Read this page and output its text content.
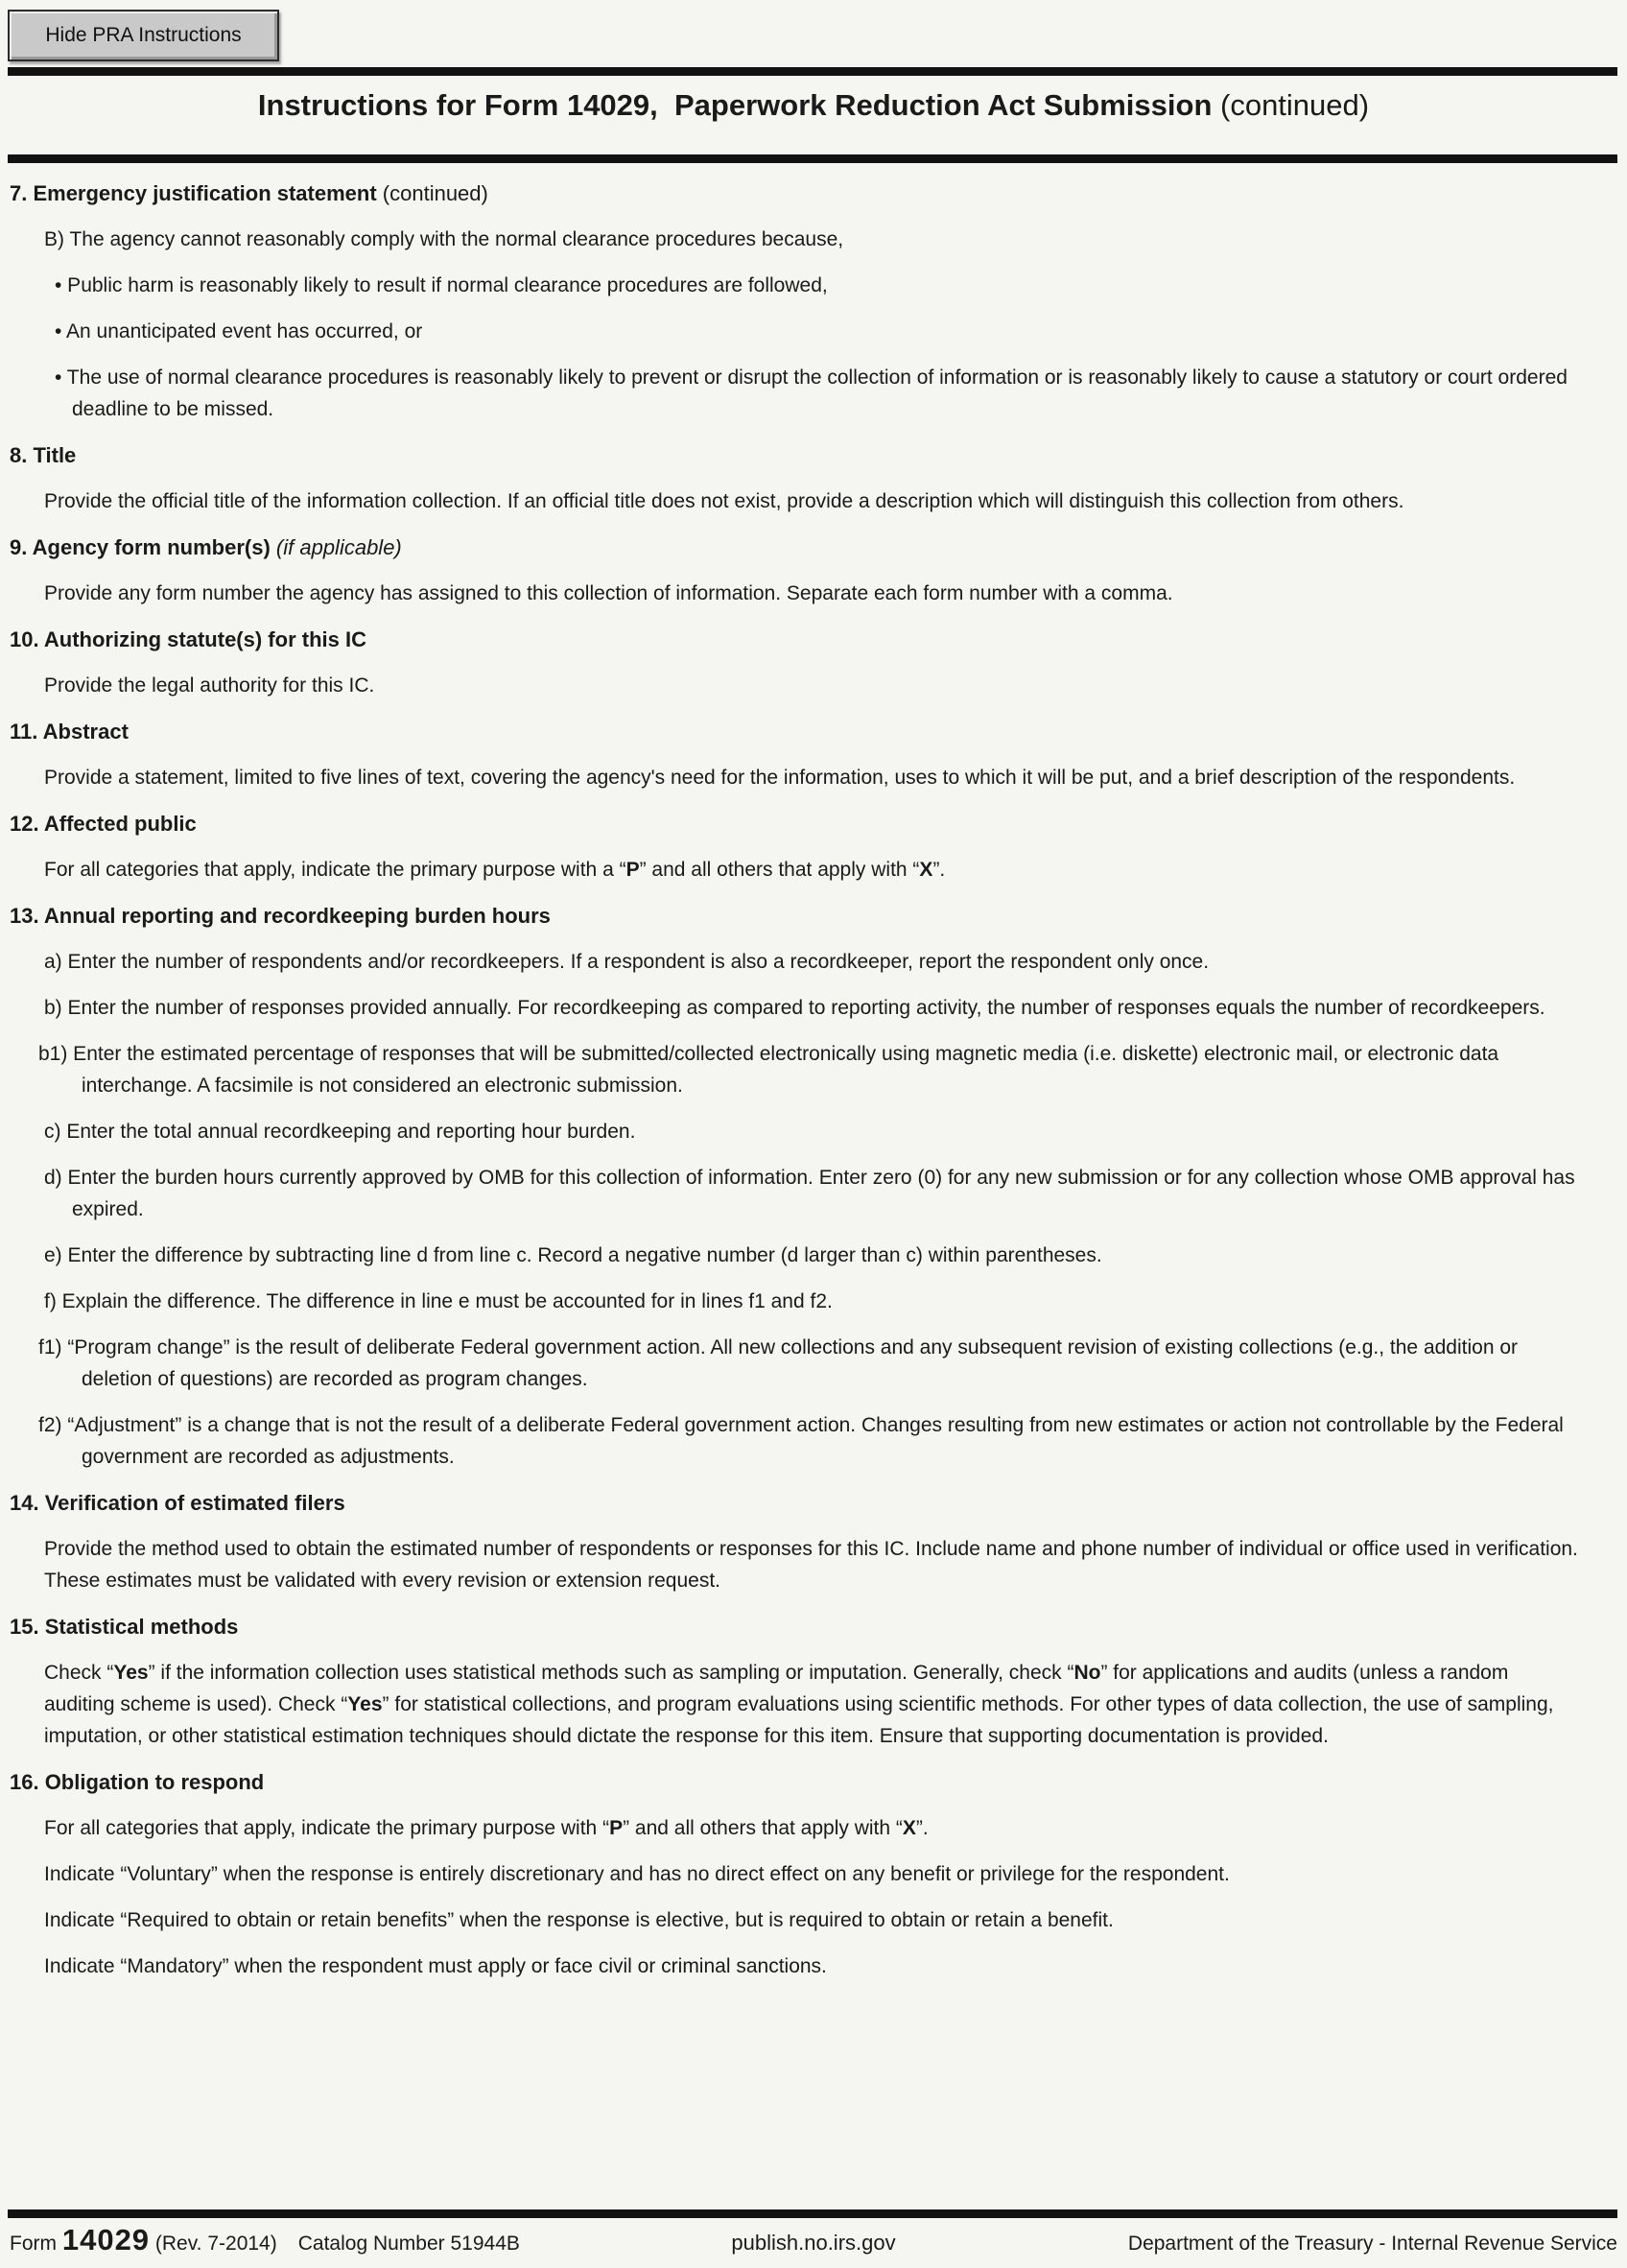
Hide PRA Instructions
Instructions for Form 14029,  Paperwork Reduction Act Submission (continued)
7. Emergency justification statement (continued)
B) The agency cannot reasonably comply with the normal clearance procedures because,
• Public harm is reasonably likely to result if normal clearance procedures are followed,
• An unanticipated event has occurred, or
• The use of normal clearance procedures is reasonably likely to prevent or disrupt the collection of information or is reasonably likely to cause a statutory or court ordered deadline to be missed.
8. Title
Provide the official title of the information collection. If an official title does not exist, provide a description which will distinguish this collection from others.
9. Agency form number(s) (if applicable)
Provide any form number the agency has assigned to this collection of information. Separate each form number with a comma.
10. Authorizing statute(s) for this IC
Provide the legal authority for this IC.
11. Abstract
Provide a statement, limited to five lines of text, covering the agency's need for the information, uses to which it will be put, and a brief description of the respondents.
12. Affected public
For all categories that apply, indicate the primary purpose with a “P” and all others that apply with “X”.
13. Annual reporting and recordkeeping burden hours
a) Enter the number of respondents and/or recordkeepers. If a respondent is also a recordkeeper, report the respondent only once.
b) Enter the number of responses provided annually. For recordkeeping as compared to reporting activity, the number of responses equals the number of recordkeepers.
b1) Enter the estimated percentage of responses that will be submitted/collected electronically using magnetic media (i.e. diskette) electronic mail, or electronic data interchange. A facsimile is not considered an electronic submission.
c) Enter the total annual recordkeeping and reporting hour burden.
d) Enter the burden hours currently approved by OMB for this collection of information. Enter zero (0) for any new submission or for any collection whose OMB approval has expired.
e) Enter the difference by subtracting line d from line c. Record a negative number (d larger than c) within parentheses.
f) Explain the difference. The difference in line e must be accounted for in lines f1 and f2.
f1) “Program change” is the result of deliberate Federal government action. All new collections and any subsequent revision of existing collections (e.g., the addition or deletion of questions) are recorded as program changes.
f2) “Adjustment” is a change that is not the result of a deliberate Federal government action. Changes resulting from new estimates or action not controllable by the Federal government are recorded as adjustments.
14. Verification of estimated filers
Provide the method used to obtain the estimated number of respondents or responses for this IC. Include name and phone number of individual or office used in verification. These estimates must be validated with every revision or extension request.
15. Statistical methods
Check “Yes” if the information collection uses statistical methods such as sampling or imputation. Generally, check “No” for applications and audits (unless a random auditing scheme is used). Check “Yes” for statistical collections, and program evaluations using scientific methods. For other types of data collection, the use of sampling, imputation, or other statistical estimation techniques should dictate the response for this item. Ensure that supporting documentation is provided.
16. Obligation to respond
For all categories that apply, indicate the primary purpose with “P” and all others that apply with “X”.
Indicate “Voluntary” when the response is entirely discretionary and has no direct effect on any benefit or privilege for the respondent.
Indicate “Required to obtain or retain benefits” when the response is elective, but is required to obtain or retain a benefit.
Indicate “Mandatory” when the respondent must apply or face civil or criminal sanctions.
Form 14029 (Rev. 7-2014) Catalog Number 51944B	publish.no.irs.gov	Department of the Treasury - Internal Revenue Service
